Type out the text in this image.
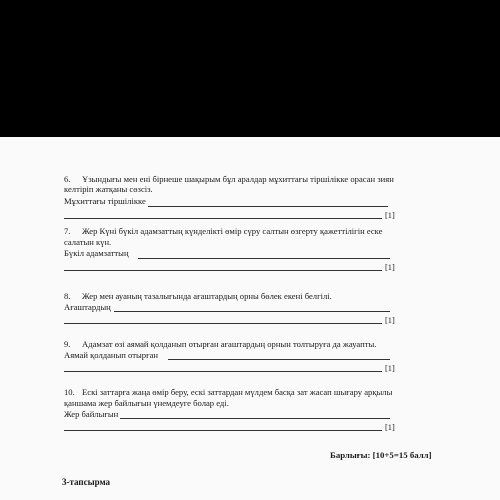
6. Ұзындығы мен ені бірнеше шақырым бұл аралдар мұхиттағы тіршілікке орасан зиян
келтіріп жатқаны сөзсіз.
Мұхиттағы тіршілікке
[1]
7. Жер Күні бүкіл адамзаттың күнделікті өмір сүру салтын өзгерту қажеттілігін еске
салатын күн.
Бүкіл адамзаттың
[1]
8. Жер мен ауаның тазалығында ағаштардың орны бөлек екені белгілі.
Ағаштардың
[1]
9. Адамзат өзі аямай қолданып отырған ағаштардың орнын толтыруға да жауапты.
Аямай қолданып отырған
[1]
10. Ескі заттарға жаңа өмір беру, ескі заттардан мүлдем басқа зат жасап шығару арқылы
қаншама жер байлығын үнемдеуге болар еді.
Жер байлығын
[1]
Барлығы: [10+5=15 балл]
3-тапсырма
